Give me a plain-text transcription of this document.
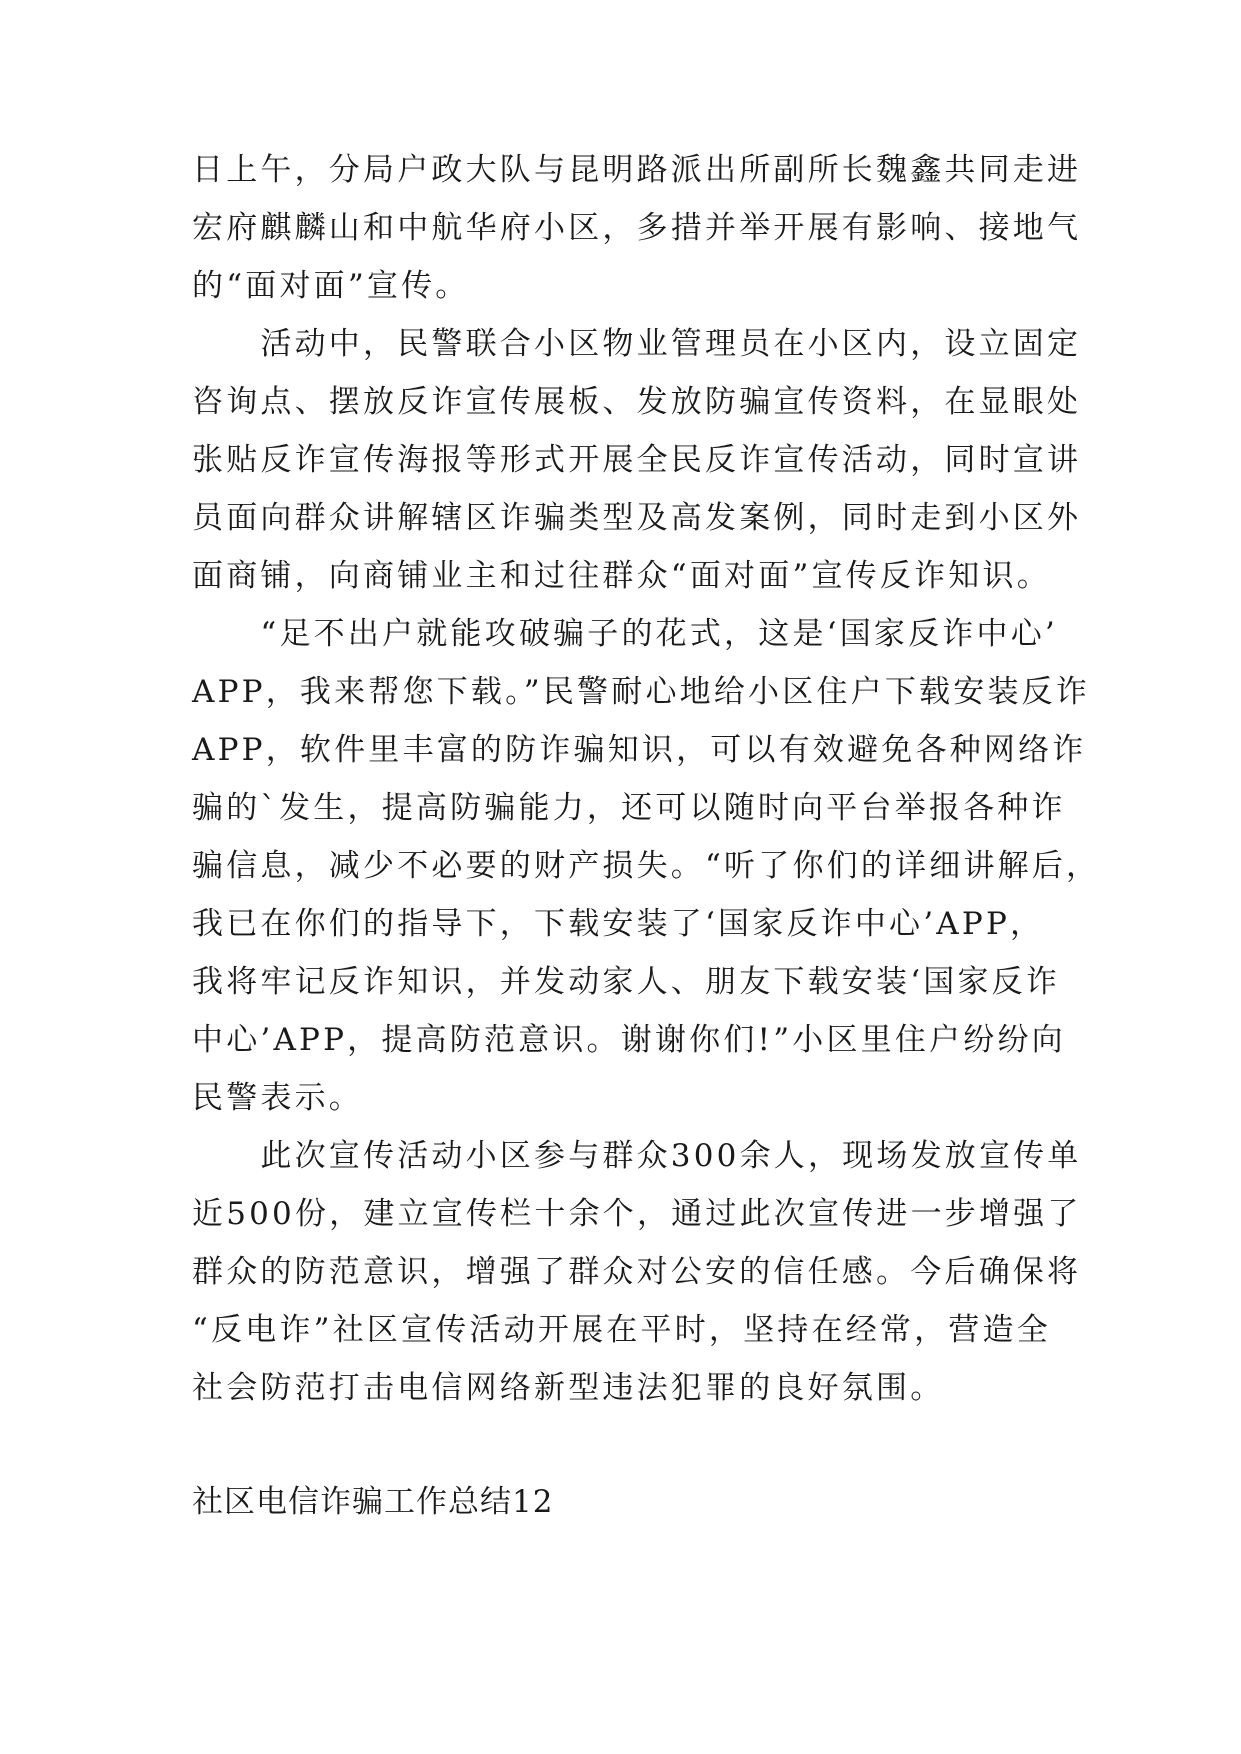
日上午，分局户政大队与昆明路派出所副所长魏鑫共同走进
宏府麒麟山和中航华府小区，多措并举开展有影响、接地气
的“面对面”宣传。
　　活动中，民警联合小区物业管理员在小区内，设立固定
咨询点、摆放反诈宣传展板、发放防骗宣传资料，在显眼处
张贴反诈宣传海报等形式开展全民反诈宣传活动，同时宣讲
员面向群众讲解辖区诈骗类型及高发案例，同时走到小区外
面商铺，向商铺业主和过往群众“面对面”宣传反诈知识。
　　“足不出户就能攻破骗子的花式，这是‘国家反诈中心’
APP，我来帮您下载。”民警耐心地给小区住户下载安装反诈
APP，软件里丰富的防诈骗知识，可以有效避免各种网络诈
骗的`发生，提高防骗能力，还可以随时向平台举报各种诈
骗信息，减少不必要的财产损失。“听了你们的详细讲解后，
我已在你们的指导下，下载安装了‘国家反诈中心’APP，
我将牢记反诈知识，并发动家人、朋友下载安装‘国家反诈
中心’APP，提高防范意识。谢谢你们!”小区里住户纷纷向
民警表示。
　　此次宣传活动小区参与群众300余人，现场发放宣传单
近500份，建立宣传栏十余个，通过此次宣传进一步增强了
群众的防范意识，增强了群众对公安的信任感。今后确保将
“反电诈”社区宣传活动开展在平时，坚持在经常，营造全
社会防范打击电信网络新型违法犯罪的良好氛围。
社区电信诈骗工作总结12
